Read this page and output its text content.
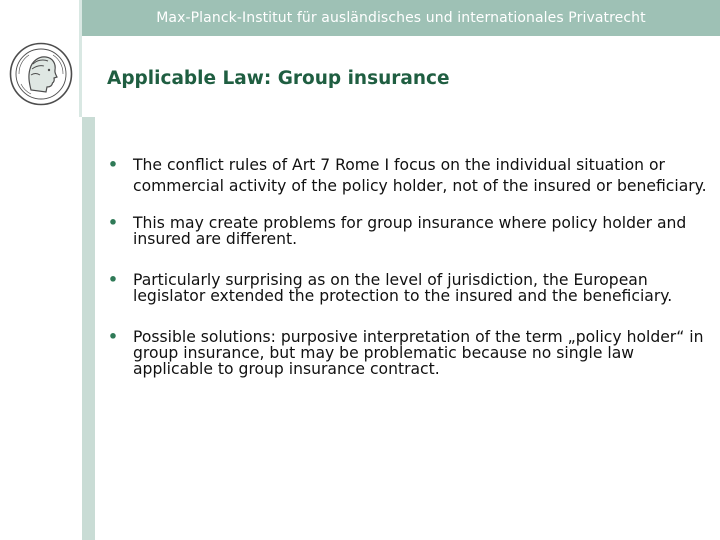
Max-Planck-Institut für ausländisches und internationales Privatrecht
Applicable Law: Group insurance
• The conflict rules of Art 7 Rome I focus on the individual situation or commercial activity of the policy holder, not of the insured or beneficiary.
• This may create problems for group insurance where policy holder and insured are different.
• Particularly surprising as on the level of jurisdiction, the European legislator extended the protection to the insured and the beneficiary.
• Possible solutions: purposive interpretation of the term „policy holder“ in group insurance, but may be problematic because no single law applicable to group insurance contract.
